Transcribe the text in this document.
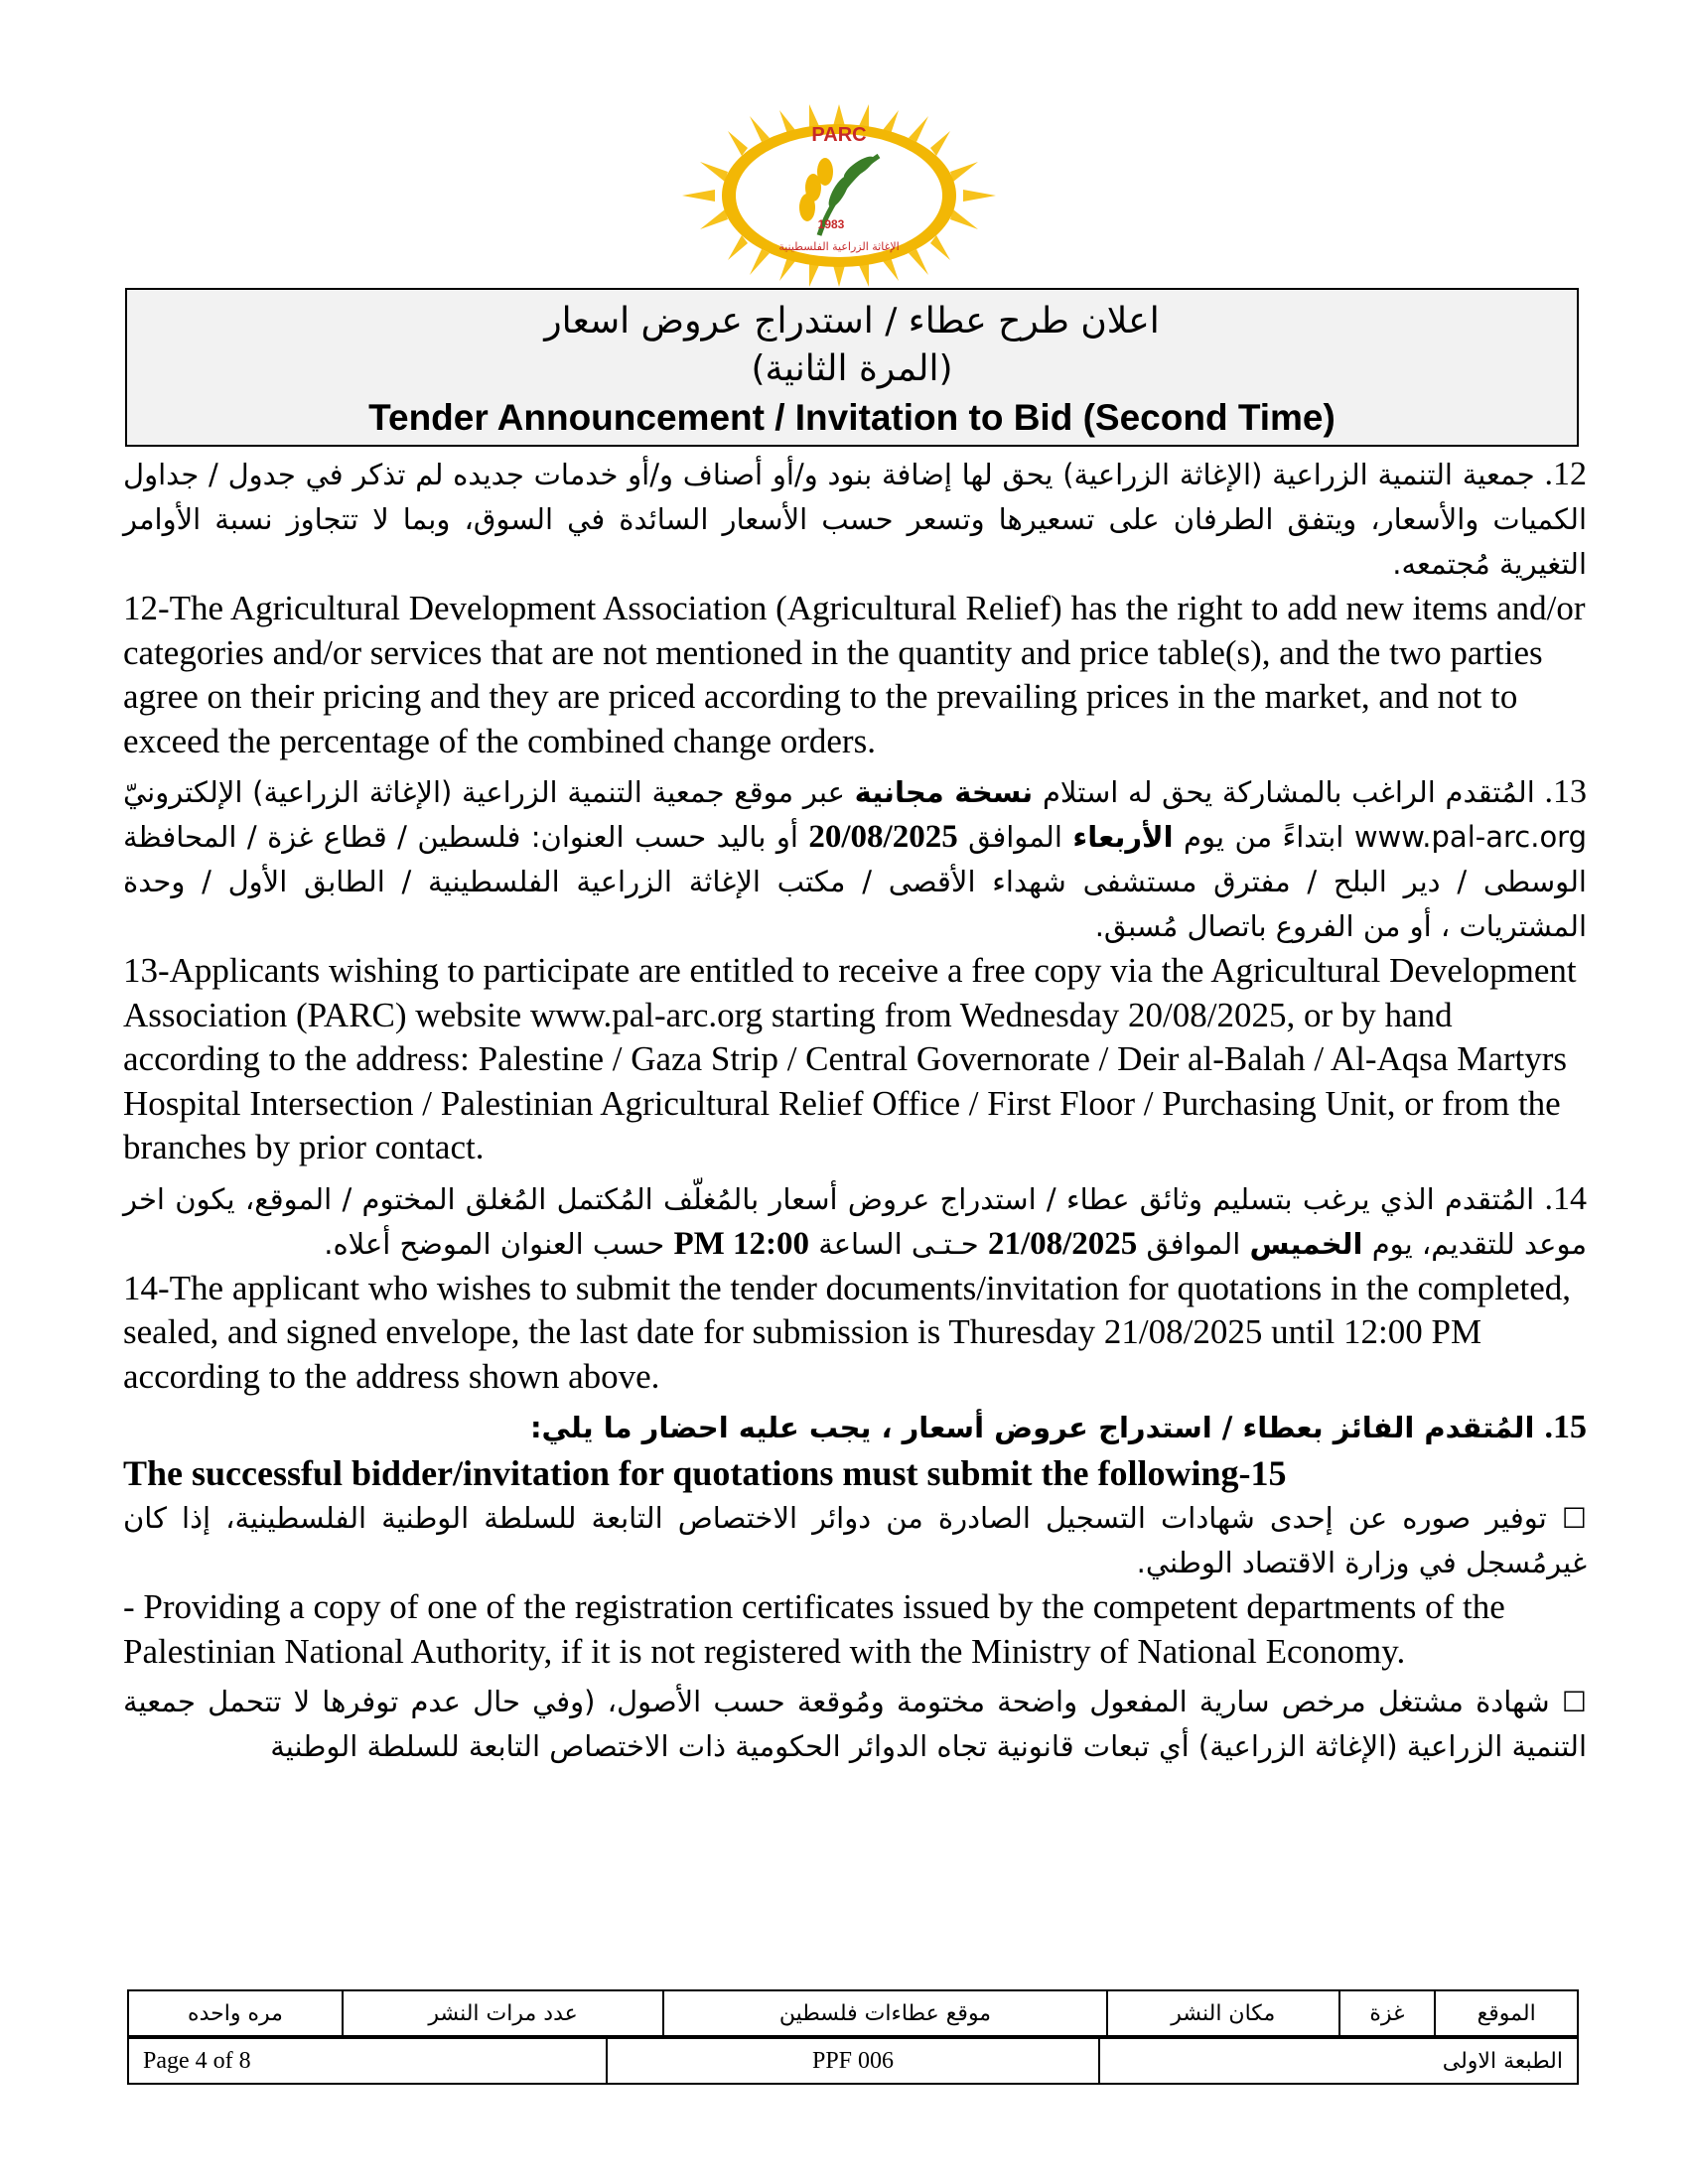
PARC
1983
الإغاثة الزراعية الفلسطينية
اعلان طرح عطاء / استدراج عروض اسعار
(المرة الثانية)
Tender Announcement / Invitation to Bid (Second Time)

12. جمعية التنمية الزراعية (الإغاثة الزراعية) يحق لها إضافة بنود و/أو أصناف و/أو خدمات جديده لم تذكر في جدول / جداول الكميات والأسعار، ويتفق الطرفان على تسعيرها وتسعر حسب الأسعار السائدة في السوق، وبما لا تتجاوز نسبة الأوامر التغيرية مُجتمعه.

12-The Agricultural Development Association (Agricultural Relief) has the right to add new items and/or categories and/or services that are not mentioned in the quantity and price table(s), and the two parties agree on their pricing and they are priced according to the prevailing prices in the market, and not to exceed the percentage of the combined change orders.

13. المُتقدم الراغب بالمشاركة يحق له استلام نسخة مجانية عبر موقع جمعية التنمية الزراعية (الإغاثة الزراعية) الإلكترونيّ www.pal-arc.org ابتداءً من يوم الأربعاء الموافق 20/08/2025 أو باليد حسب العنوان: فلسطين / قطاع غزة / المحافظة الوسطى / دير البلح / مفترق مستشفى شهداء الأقصى / مكتب الإغاثة الزراعية الفلسطينية / الطابق الأول / وحدة المشتريات ، أو من الفروع باتصال مُسبق.

13-Applicants wishing to participate are entitled to receive a free copy via the Agricultural Development Association (PARC) website www.pal-arc.org starting from Wednesday 20/08/2025, or by hand according to the address: Palestine / Gaza Strip / Central Governorate / Deir al-Balah / Al-Aqsa Martyrs Hospital Intersection / Palestinian Agricultural Relief Office / First Floor / Purchasing Unit, or from the branches by prior contact.

14. المُتقدم الذي يرغب بتسليم وثائق عطاء / استدراج عروض أسعار بالمُغلّف المُكتمل المُغلق المختوم / الموقع، يكون اخر موعد للتقديم، يوم الخميس الموافق 21/08/2025 حـتـى الساعة PM 12:00 حسب العنوان الموضح أعلاه.

14-The applicant who wishes to submit the tender documents/invitation for quotations in the completed, sealed, and signed envelope, the last date for submission is Thuresday 21/08/2025 until 12:00 PM according to the address shown above.

15. المُتقدم الفائز بعطاء / استدراج عروض أسعار ، يجب عليه احضار ما يلي:

The successful bidder/invitation for quotations must submit the following-15

☐ توفير صوره عن إحدى شهادات التسجيل الصادرة من دوائر الاختصاص التابعة للسلطة الوطنية الفلسطينية، إذا كان غيرمُسجل في وزارة الاقتصاد الوطني.

- Providing a copy of one of the registration certificates issued by the competent departments of the Palestinian National Authority, if it is not registered with the Ministry of National Economy.

☐ شهادة مشتغل مرخص سارية المفعول واضحة مختومة ومُوقعة حسب الأصول، (وفي حال عدم توفرها لا تتحمل جمعية التنمية الزراعية (الإغاثة الزراعية) أي تبعات قانونية تجاه الدوائر الحكومية ذات الاختصاص التابعة للسلطة الوطنية

الموقع	غزة	مكان النشر	موقع عطاءات فلسطين	عدد مرات النشر	مره واحده
Page 4 of 8	PPF 006	الطبعة الاولى
